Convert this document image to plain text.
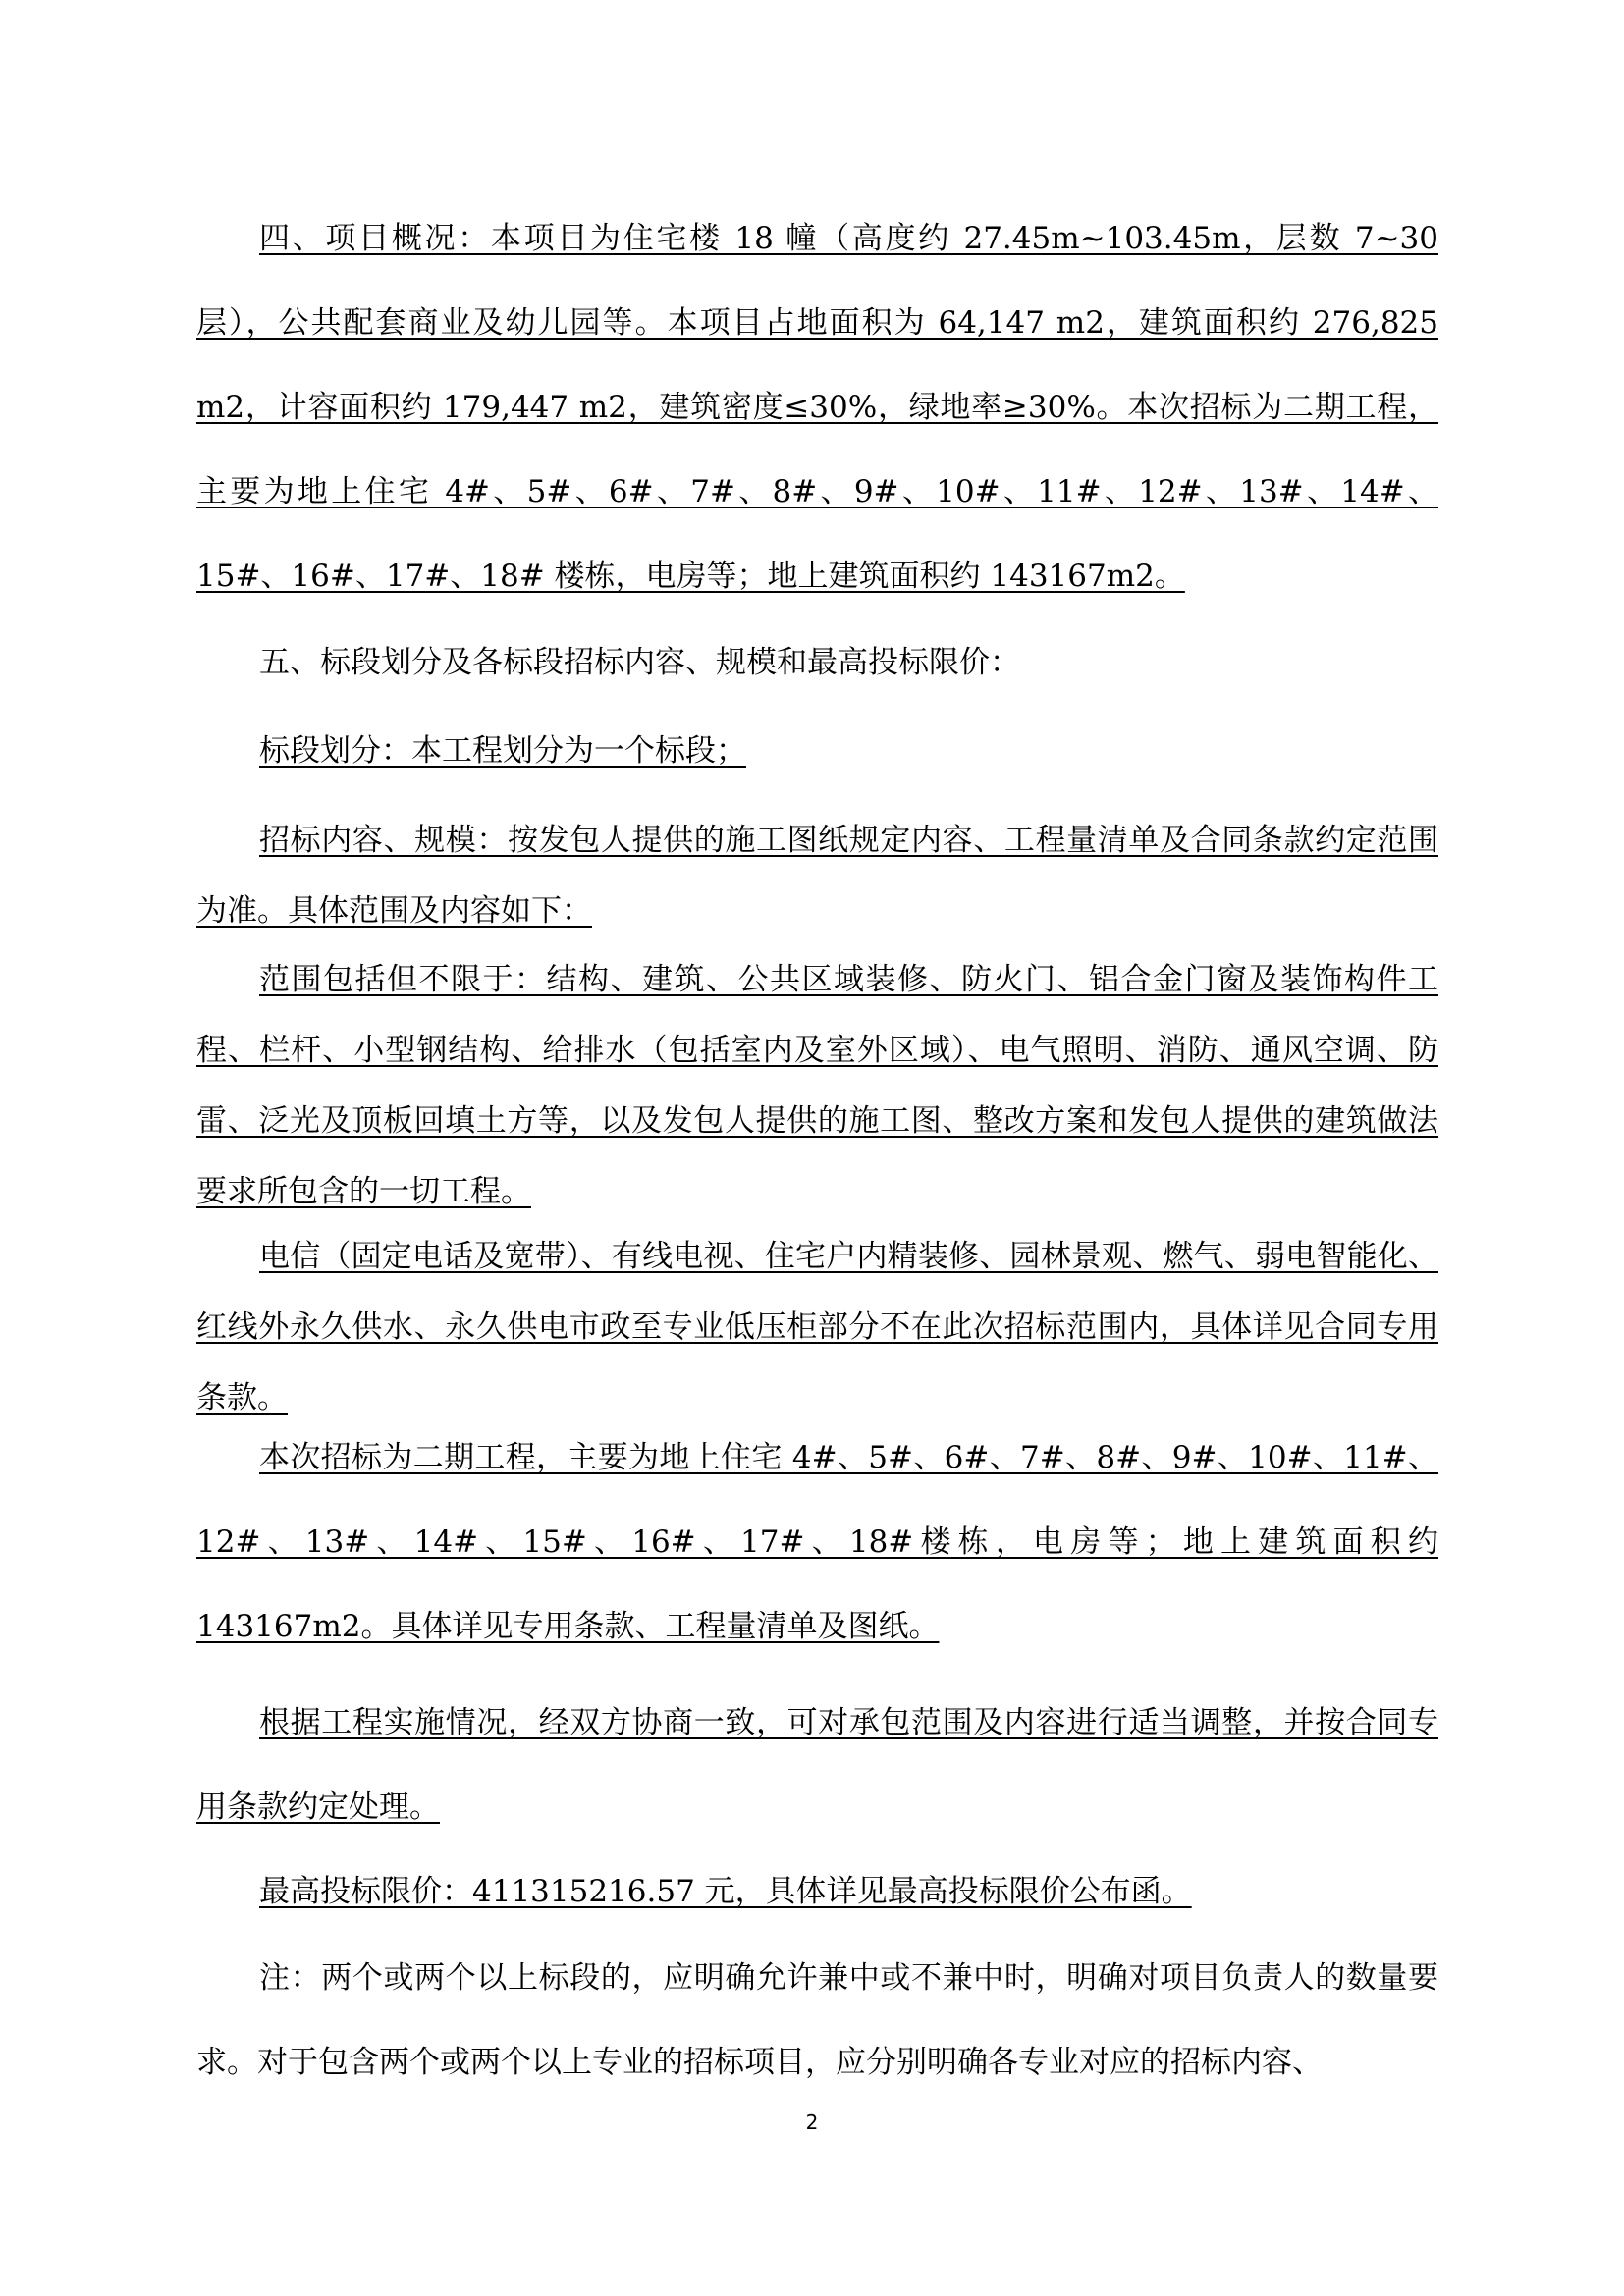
四、项目概况：本项目为住宅楼 18 幢（高度约 27.45m~103.45m，层数 7~30 层），公共配套商业及幼儿园等。本项目占地面积为 64,147 m2，建筑面积约 276,825 m2，计容面积约 179,447 m2，建筑密度≤30%，绿地率≥30%。本次招标为二期工程，主要为地上住宅 4#、5#、6#、7#、8#、9#、10#、11#、12#、13#、14#、15#、16#、17#、18# 楼栋，电房等；地上建筑面积约 143167m2。

五、标段划分及各标段招标内容、规模和最高投标限价：

标段划分：本工程划分为一个标段；

招标内容、规模：按发包人提供的施工图纸规定内容、工程量清单及合同条款约定范围为准。具体范围及内容如下：

范围包括但不限于：结构、建筑、公共区域装修、防火门、铝合金门窗及装饰构件工程、栏杆、小型钢结构、给排水（包括室内及室外区域）、电气照明、消防、通风空调、防雷、泛光及顶板回填土方等，以及发包人提供的施工图、整改方案和发包人提供的建筑做法要求所包含的一切工程。

电信（固定电话及宽带）、有线电视、住宅户内精装修、园林景观、燃气、弱电智能化、红线外永久供水、永久供电市政至专业低压柜部分不在此次招标范围内，具体详见合同专用条款。

本次招标为二期工程，主要为地上住宅 4#、5#、6#、7#、8#、9#、10#、11#、12#、13#、14#、15#、16#、17#、18#楼栋，电房等；地上建筑面积约 143167m2。具体详见专用条款、工程量清单及图纸。

根据工程实施情况，经双方协商一致，可对承包范围及内容进行适当调整，并按合同专用条款约定处理。

最高投标限价：411315216.57 元，具体详见最高投标限价公布函。

注：两个或两个以上标段的，应明确允许兼中或不兼中时，明确对项目负责人的数量要求。对于包含两个或两个以上专业的招标项目，应分别明确各专业对应的招标内容、

2
